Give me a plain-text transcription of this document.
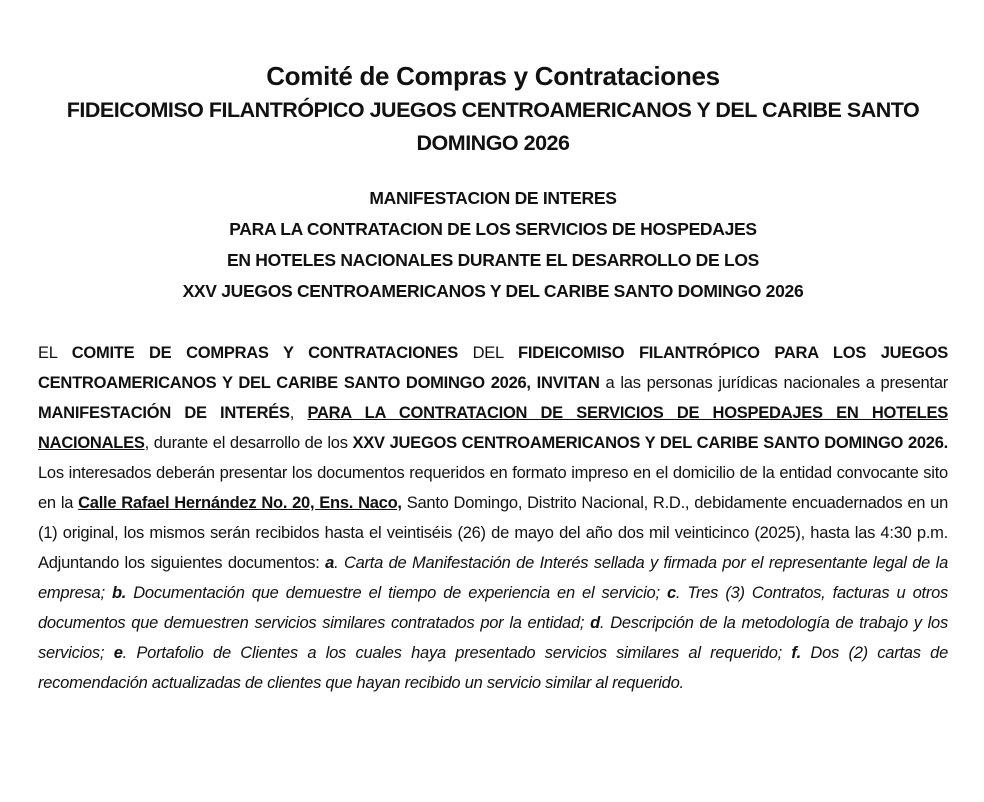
Comité de Compras y Contrataciones
FIDEICOMISO FILANTRÓPICO JUEGOS CENTROAMERICANOS Y DEL CARIBE SANTO DOMINGO 2026
MANIFESTACION DE INTERES
PARA LA CONTRATACION DE LOS SERVICIOS DE HOSPEDAJES
EN HOTELES NACIONALES DURANTE EL DESARROLLO DE LOS
XXV JUEGOS CENTROAMERICANOS Y DEL CARIBE SANTO DOMINGO 2026
EL COMITE DE COMPRAS Y CONTRATACIONES DEL FIDEICOMISO FILANTRÓPICO PARA LOS JUEGOS CENTROAMERICANOS Y DEL CARIBE SANTO DOMINGO 2026, INVITAN a las personas jurídicas nacionales a presentar MANIFESTACIÓN DE INTERÉS, PARA LA CONTRATACION DE SERVICIOS DE HOSPEDAJES EN HOTELES NACIONALES, durante el desarrollo de los XXV JUEGOS CENTROAMERICANOS Y DEL CARIBE SANTO DOMINGO 2026. Los interesados deberán presentar los documentos requeridos en formato impreso en el domicilio de la entidad convocante sito en la Calle Rafael Hernández No. 20, Ens. Naco, Santo Domingo, Distrito Nacional, R.D., debidamente encuadernados en un (1) original, los mismos serán recibidos hasta el veintiséis (26) de mayo del año dos mil veinticinco (2025), hasta las 4:30 p.m. Adjuntando los siguientes documentos: a. Carta de Manifestación de Interés sellada y firmada por el representante legal de la empresa; b. Documentación que demuestre el tiempo de experiencia en el servicio; c. Tres (3) Contratos, facturas u otros documentos que demuestren servicios similares contratados por la entidad; d. Descripción de la metodología de trabajo y los servicios; e. Portafolio de Clientes a los cuales haya presentado servicios similares al requerido; f. Dos (2) cartas de recomendación actualizadas de clientes que hayan recibido un servicio similar al requerido.
